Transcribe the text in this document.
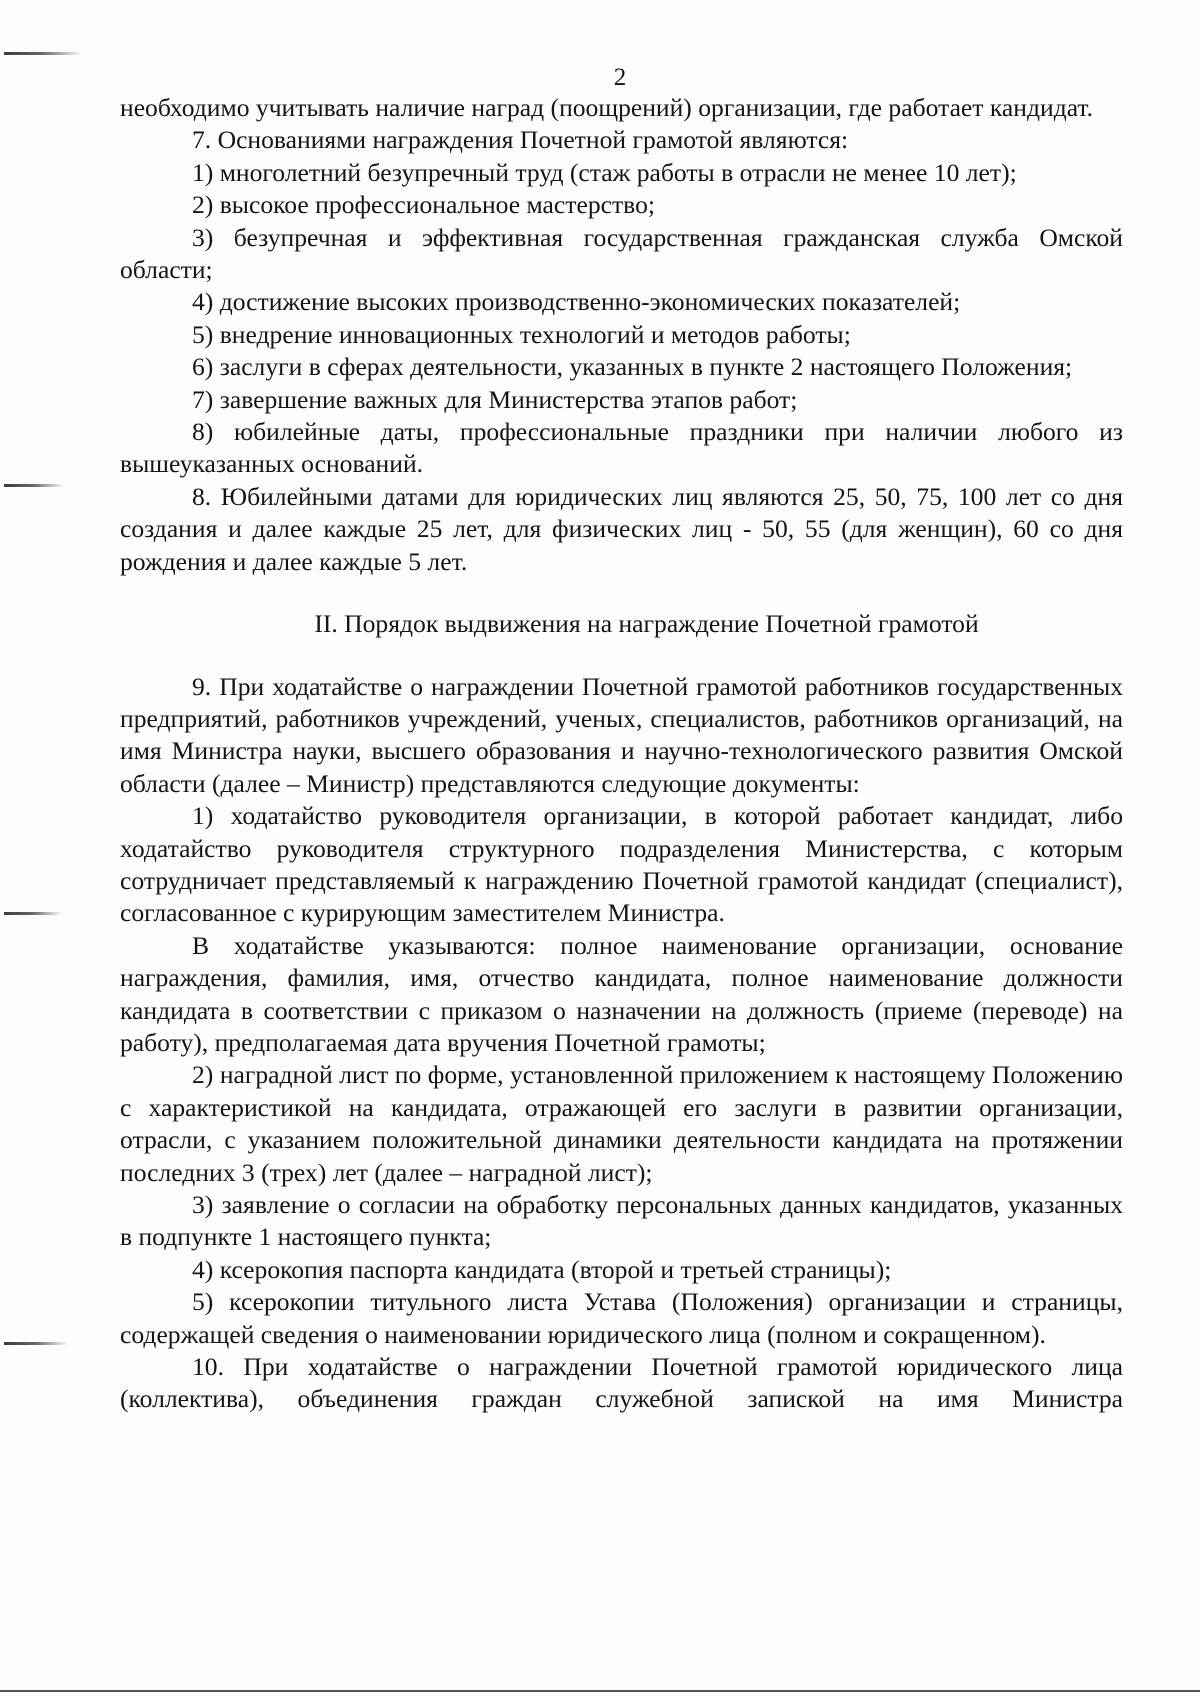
2

необходимо учитывать наличие наград (поощрений) организации, где работает кандидат.

7. Основаниями награждения Почетной грамотой являются:

1) многолетний безупречный труд (стаж работы в отрасли не менее 10 лет);

2) высокое профессиональное мастерство;

3) безупречная и эффективная государственная гражданская служба Омской области;

4) достижение высоких производственно-экономических показателей;

5) внедрение инновационных технологий и методов работы;

6) заслуги в сферах деятельности, указанных в пункте 2 настоящего Положения;

7) завершение важных для Министерства этапов работ;

8) юбилейные даты, профессиональные праздники при наличии любого из вышеуказанных оснований.

8. Юбилейными датами для юридических лиц являются 25, 50, 75, 100 лет со дня создания и далее каждые 25 лет, для физических лиц - 50, 55 (для женщин), 60 со дня рождения и далее каждые 5 лет.

II. Порядок выдвижения на награждение Почетной грамотой

9. При ходатайстве о награждении Почетной грамотой работников государственных предприятий, работников учреждений, ученых, специалистов, работников организаций, на имя Министра науки, высшего образования и научно-технологического развития Омской области (далее – Министр) представляются следующие документы:

1) ходатайство руководителя организации, в которой работает кандидат, либо ходатайство руководителя структурного подразделения Министерства, с которым сотрудничает представляемый к награждению Почетной грамотой кандидат (специалист), согласованное с курирующим заместителем Министра.

В ходатайстве указываются: полное наименование организации, основание награждения, фамилия, имя, отчество кандидата, полное наименование должности кандидата в соответствии с приказом о назначении на должность (приеме (переводе) на работу), предполагаемая дата вручения Почетной грамоты;

2) наградной лист по форме, установленной приложением к настоящему Положению с характеристикой на кандидата, отражающей его заслуги в развитии организации, отрасли, с указанием положительной динамики деятельности кандидата на протяжении последних 3 (трех) лет (далее – наградной лист);

3) заявление о согласии на обработку персональных данных кандидатов, указанных в подпункте 1 настоящего пункта;

4) ксерокопия паспорта кандидата (второй и третьей страницы);

5) ксерокопии титульного листа Устава (Положения) организации и страницы, содержащей сведения о наименовании юридического лица (полном и сокращенном).

10. При ходатайстве о награждении Почетной грамотой юридического лица (коллектива), объединения граждан служебной запиской на имя Министра
